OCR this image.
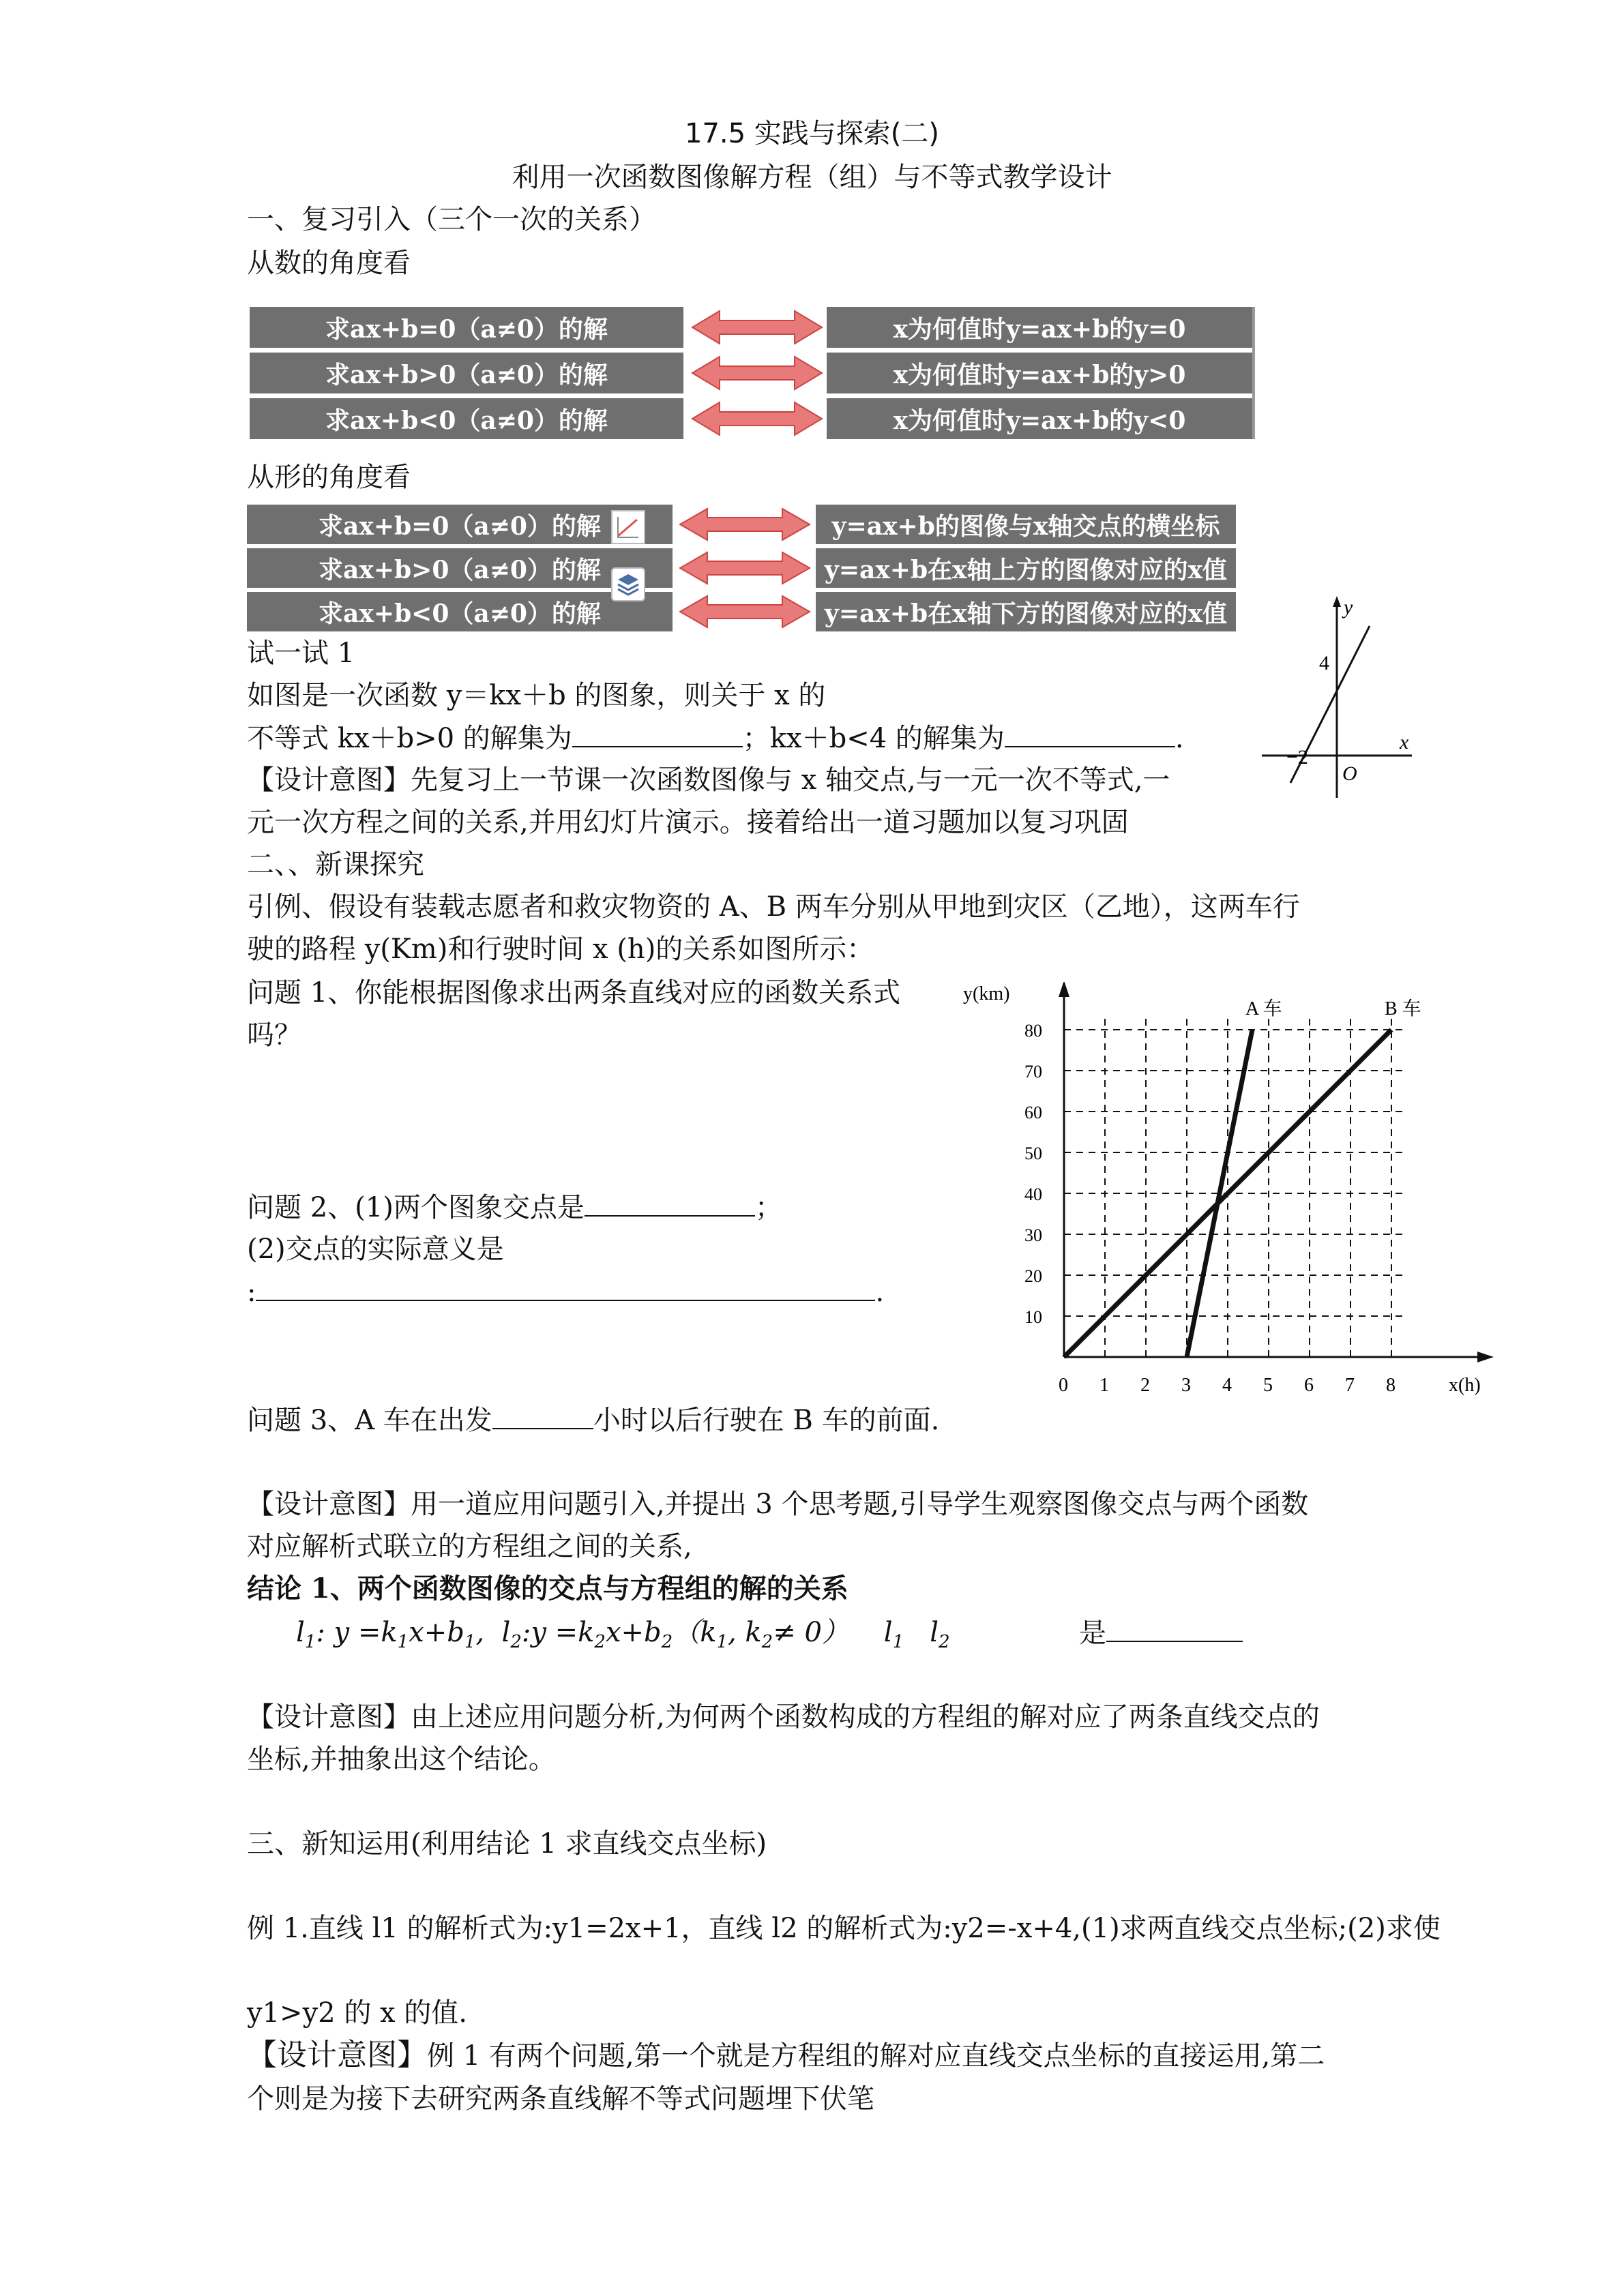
17.5 实践与探索(二)
利用一次函数图像解方程（组）与不等式教学设计
一、复习引入（三个一次的关系）
从数的角度看
求ax+b=0（a≠0）的解	x为何值时y=ax+b的y=0
求ax+b>0（a≠0）的解	x为何值时y=ax+b的y>0
求ax+b<0（a≠0）的解	x为何值时y=ax+b的y<0
从形的角度看
求ax+b=0（a≠0）的解	y=ax+b的图像与x轴交点的横坐标
求ax+b>0（a≠0）的解	y=ax+b在x轴上方的图像对应的x值
求ax+b<0（a≠0）的解	y=ax+b在x轴下方的图像对应的x值
试一试 1
如图是一次函数 y＝kx＋b 的图象，则关于 x 的
不等式 kx＋b>0 的解集为	；kx＋b<4 的解集为	.
y
x
O
4
−2
【设计意图】先复习上一节课一次函数图像与 x 轴交点,与一元一次不等式,一
元一次方程之间的关系,并用幻灯片演示。接着给出一道习题加以复习巩固
二、、新课探究
引例、假设有装载志愿者和救灾物资的 A、B 两车分别从甲地到灾区（乙地），这两车行
驶的路程 y(Km)和行驶时间 x (h)的关系如图所示：
问题 1、你能根据图像求出两条直线对应的函数关系式
吗？
问题 2、(1)两个图象交点是	；
(2)交点的实际意义是
:	.
问题 3、A 车在出发	小时以后行驶在 B 车的前面.
0 1 2 3 4 5 6 7 8
10
20
30
40
50
60
70
80
y(km)
x(h)
A 车	B 车
【设计意图】用一道应用问题引入,并提出 3 个思考题,引导学生观察图像交点与两个函数
对应解析式联立的方程组之间的关系,
结论 1、两个函数图像的交点与方程组的解的关系
$l_1$: $y =k_1x+b_1$,  $l_2:y =k_2x+b_2(k_1$, $k_2\ne 0$）    $l_1$   $l_2$	是
【设计意图】由上述应用问题分析,为何两个函数构成的方程组的解对应了两条直线交点的
坐标,并抽象出这个结论。
三、新知运用(利用结论 1 求直线交点坐标)
例 1.直线 l1 的解析式为:y1=2x+1，直线 l2 的解析式为:y2=-x+4,(1)求两直线交点坐标;(2)求使
y1>y2 的 x 的值.
【设计意图】例 1 有两个问题,第一个就是方程组的解对应直线交点坐标的直接运用,第二
个则是为接下去研究两条直线解不等式问题埋下伏笔
